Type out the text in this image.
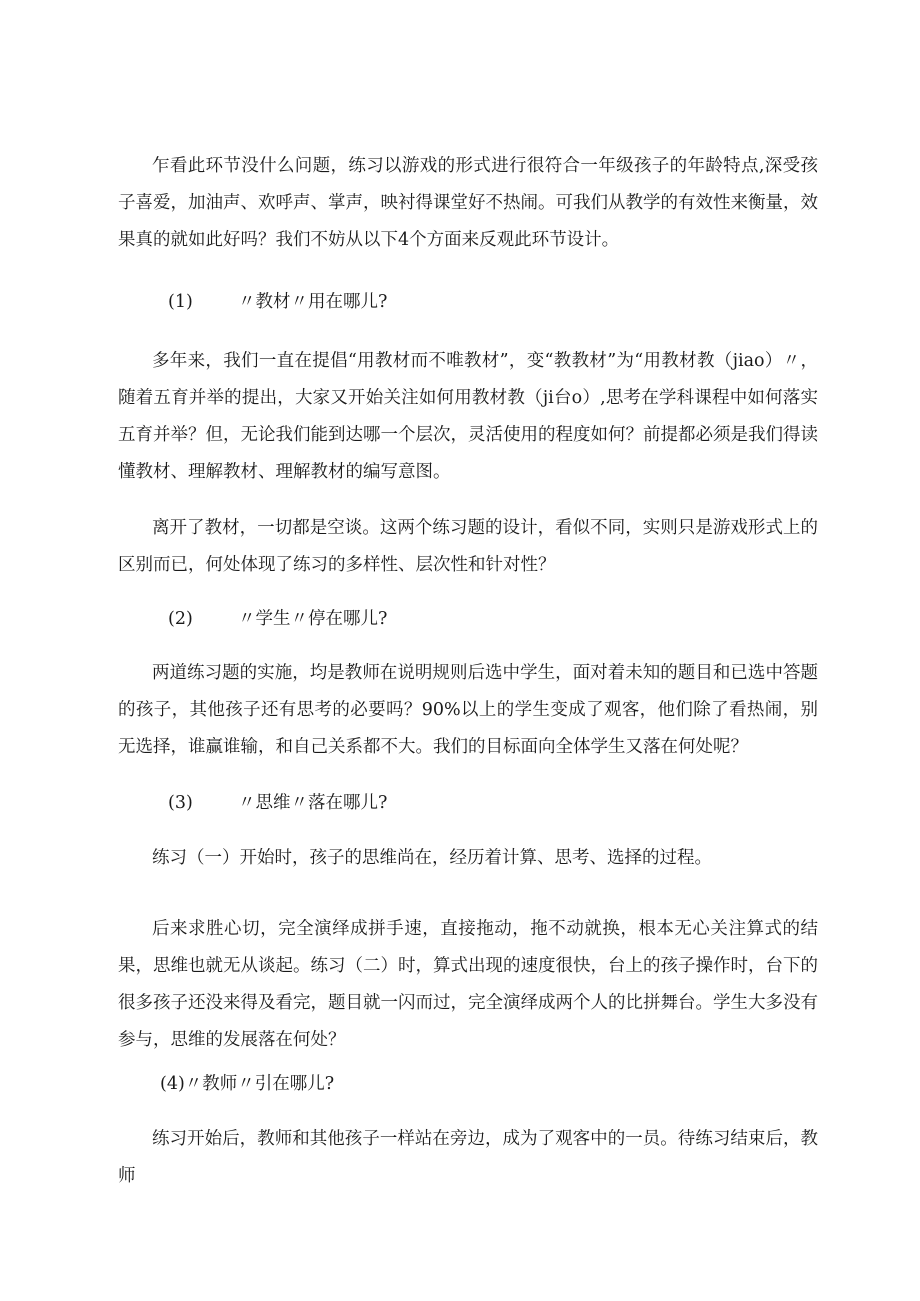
乍看此环节没什么问题，练习以游戏的形式进行很符合一年级孩子的年龄特点,深受孩子喜爱，加油声、欢呼声、掌声，映衬得课堂好不热闹。可我们从教学的有效性来衡量，效果真的就如此好吗？我们不妨从以下4个方面来反观此环节设计。

(1)	〃教材〃用在哪儿?

多年来，我们一直在提倡“用教材而不唯教材”，变“教教材”为“用教材教（jiao）〃，随着五育并举的提出，大家又开始关注如何用教材教（ji台o）,思考在学科课程中如何落实五育并举？但，无论我们能到达哪一个层次，灵活使用的程度如何？前提都必须是我们得读懂教材、理解教材、理解教材的编写意图。

离开了教材，一切都是空谈。这两个练习题的设计，看似不同，实则只是游戏形式上的区别而已，何处体现了练习的多样性、层次性和针对性？

(2)	〃学生〃停在哪儿?

两道练习题的实施，均是教师在说明规则后选中学生，面对着未知的题目和已选中答题的孩子，其他孩子还有思考的必要吗？90%以上的学生变成了观客，他们除了看热闹，别无选择，谁赢谁输，和自己关系都不大。我们的目标面向全体学生又落在何处呢？

(3)	〃思维〃落在哪儿?

练习（一）开始时，孩子的思维尚在，经历着计算、思考、选择的过程。

后来求胜心切，完全演绎成拼手速，直接拖动，拖不动就换，根本无心关注算式的结果，思维也就无从谈起。练习（二）时，算式出现的速度很快，台上的孩子操作时，台下的很多孩子还没来得及看完，题目就一闪而过，完全演绎成两个人的比拼舞台。学生大多没有参与，思维的发展落在何处？

(4)〃教师〃引在哪儿?

练习开始后，教师和其他孩子一样站在旁边，成为了观客中的一员。待练习结束后，教师
